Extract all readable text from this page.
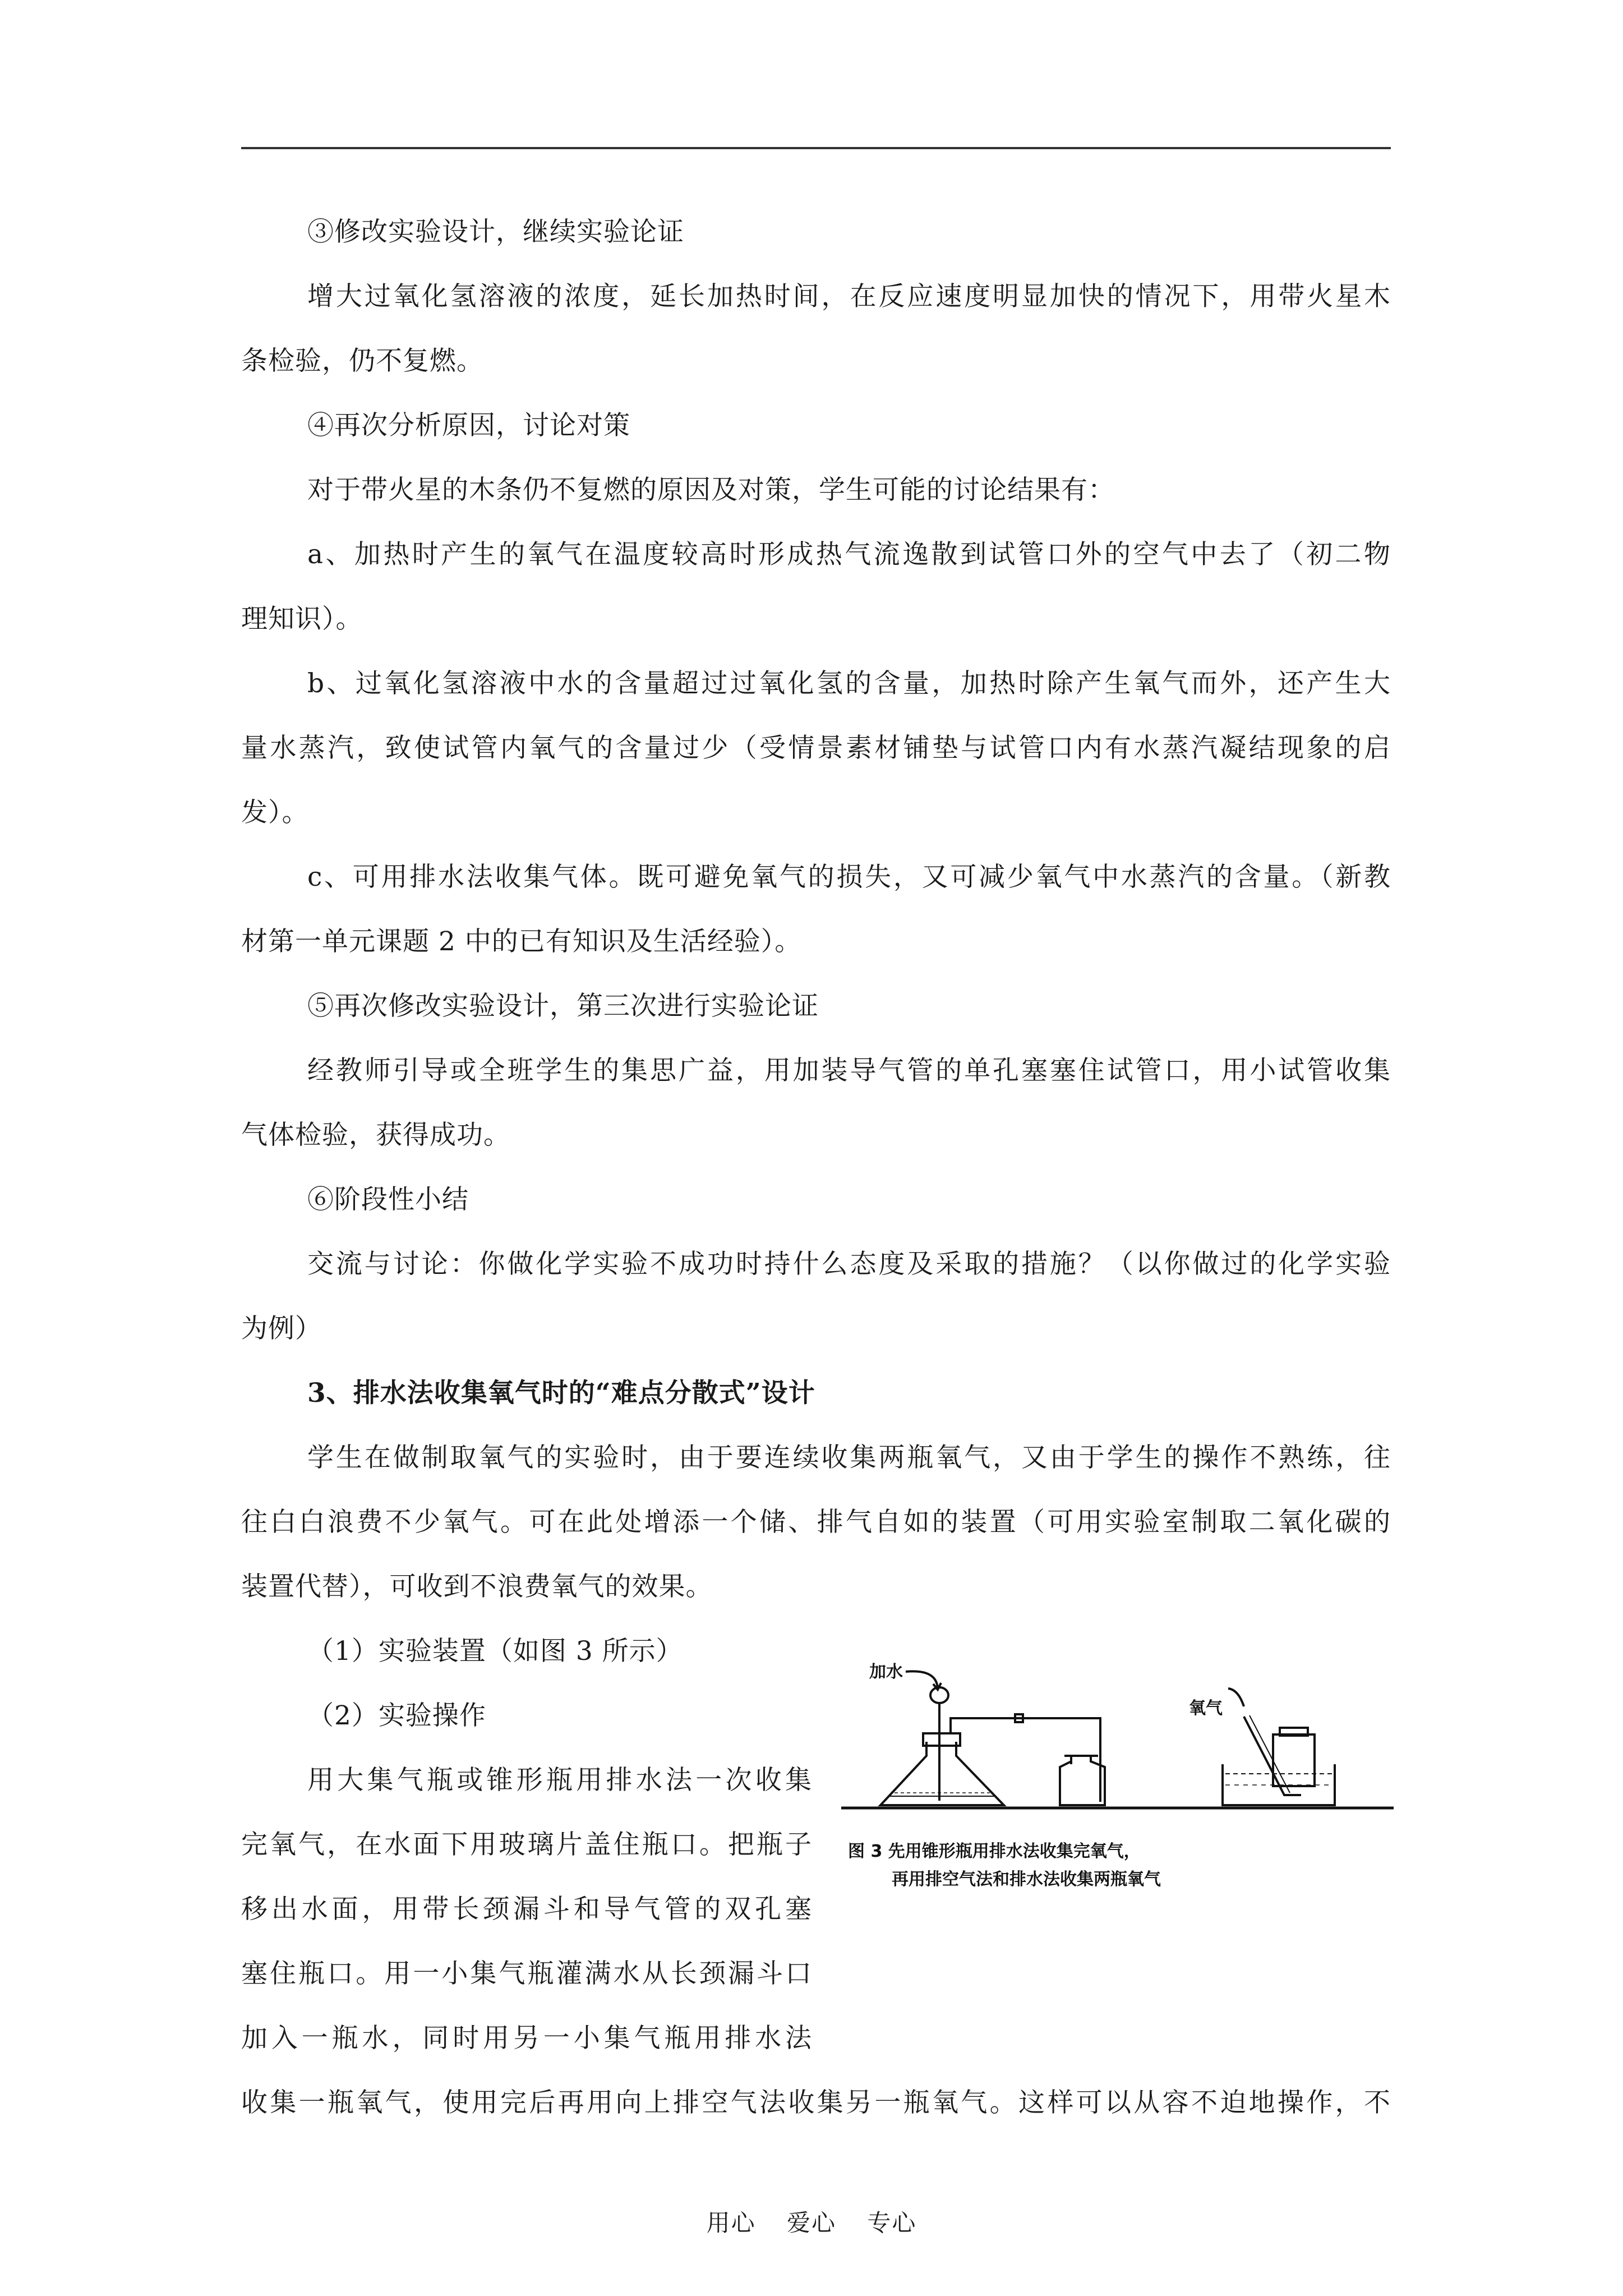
③修改实验设计，继续实验论证
增大过氧化氢溶液的浓度，延长加热时间，在反应速度明显加快的情况下，用带火星木
条检验，仍不复燃。
④再次分析原因，讨论对策
对于带火星的木条仍不复燃的原因及对策，学生可能的讨论结果有：
a、加热时产生的氧气在温度较高时形成热气流逸散到试管口外的空气中去了（初二物
理知识）。
b、过氧化氢溶液中水的含量超过过氧化氢的含量，加热时除产生氧气而外，还产生大
量水蒸汽，致使试管内氧气的含量过少（受情景素材铺垫与试管口内有水蒸汽凝结现象的启
发）。
c、可用排水法收集气体。既可避免氧气的损失，又可减少氧气中水蒸汽的含量。（新教
材第一单元课题 2 中的已有知识及生活经验）。
⑤再次修改实验设计，第三次进行实验论证
经教师引导或全班学生的集思广益，用加装导气管的单孔塞塞住试管口，用小试管收集
气体检验，获得成功。
⑥阶段性小结
交流与讨论：你做化学实验不成功时持什么态度及采取的措施？（以你做过的化学实验
为例）
3、排水法收集氧气时的“难点分散式”设计
学生在做制取氧气的实验时，由于要连续收集两瓶氧气，又由于学生的操作不熟练，往
往白白浪费不少氧气。可在此处增添一个储、排气自如的装置（可用实验室制取二氧化碳的
装置代替），可收到不浪费氧气的效果。
（1）实验装置（如图 3 所示）
（2）实验操作
用大集气瓶或锥形瓶用排水法一次收集
完氧气，在水面下用玻璃片盖住瓶口。把瓶子
移出水面，用带长颈漏斗和导气管的双孔塞
塞住瓶口。用一小集气瓶灌满水从长颈漏斗口
加入一瓶水，同时用另一小集气瓶用排水法
收集一瓶氧气，使用完后再用向上排空气法收集另一瓶氧气。这样可以从容不迫地操作，不
加水
氧气
图 3 先用锥形瓶用排水法收集完氧气，
再用排空气法和排水法收集两瓶氧气
用心 爱心 专心
